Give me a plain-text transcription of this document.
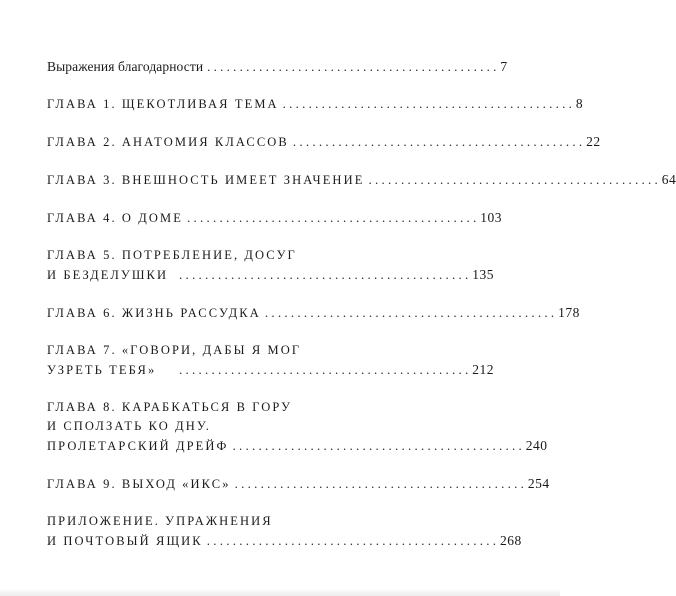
Выражения благодарности . . . . . . . . . . . . . . . . . . . . . . . . . . . . . . . . . . . . . . . . . . . . . 7
ГЛАВА 1. ЩЕКОТЛИВАЯ ТЕМА . . . . . . . . . . . . . . . . . . . . . . . . . . . . . . . . . . . . . . . . . . . . . 8
ГЛАВА 2. АНАТОМИЯ КЛАССОВ . . . . . . . . . . . . . . . . . . . . . . . . . . . . . . . . . . . . . . . . . . . . . 22
ГЛАВА 3. ВНЕШНОСТЬ ИМЕЕТ ЗНАЧЕНИЕ . . . . . . . . . . . . . . . . . . . . . . . . . . . . . . . . . . . . . . . . . . . . . 64
ГЛАВА 4. О ДОМЕ . . . . . . . . . . . . . . . . . . . . . . . . . . . . . . . . . . . . . . . . . . . . . 103
ГЛАВА 5. ПОТРЕБЛЕНИЕ, ДОСУГ
И БЕЗДЕЛУШКИ . . . . . . . . . . . . . . . . . . . . . . . . . . . . . . . . . . . . . . . . . . . . . 135
ГЛАВА 6. ЖИЗНЬ РАССУДКА . . . . . . . . . . . . . . . . . . . . . . . . . . . . . . . . . . . . . . . . . . . . . 178
ГЛАВА 7. «ГОВОРИ, ДАБЫ Я МОГ
УЗРЕТЬ ТЕБЯ»	. . . . . . . . . . . . . . . . . . . . . . . . . . . . . . . . . . . . . . . . . . . . . 212
ГЛАВА 8. КАРАБКАТЬСЯ В ГОРУ
И СПОЛЗАТЬ КО ДНУ.
ПРОЛЕТАРСКИЙ ДРЕЙФ . . . . . . . . . . . . . . . . . . . . . . . . . . . . . . . . . . . . . . . . . . . . . 240
ГЛАВА 9. ВЫХОД «ИКС» . . . . . . . . . . . . . . . . . . . . . . . . . . . . . . . . . . . . . . . . . . . . . 254
ПРИЛОЖЕНИЕ. УПРАЖНЕНИЯ
И ПОЧТОВЫЙ ЯЩИК . . . . . . . . . . . . . . . . . . . . . . . . . . . . . . . . . . . . . . . . . . . . . 268
